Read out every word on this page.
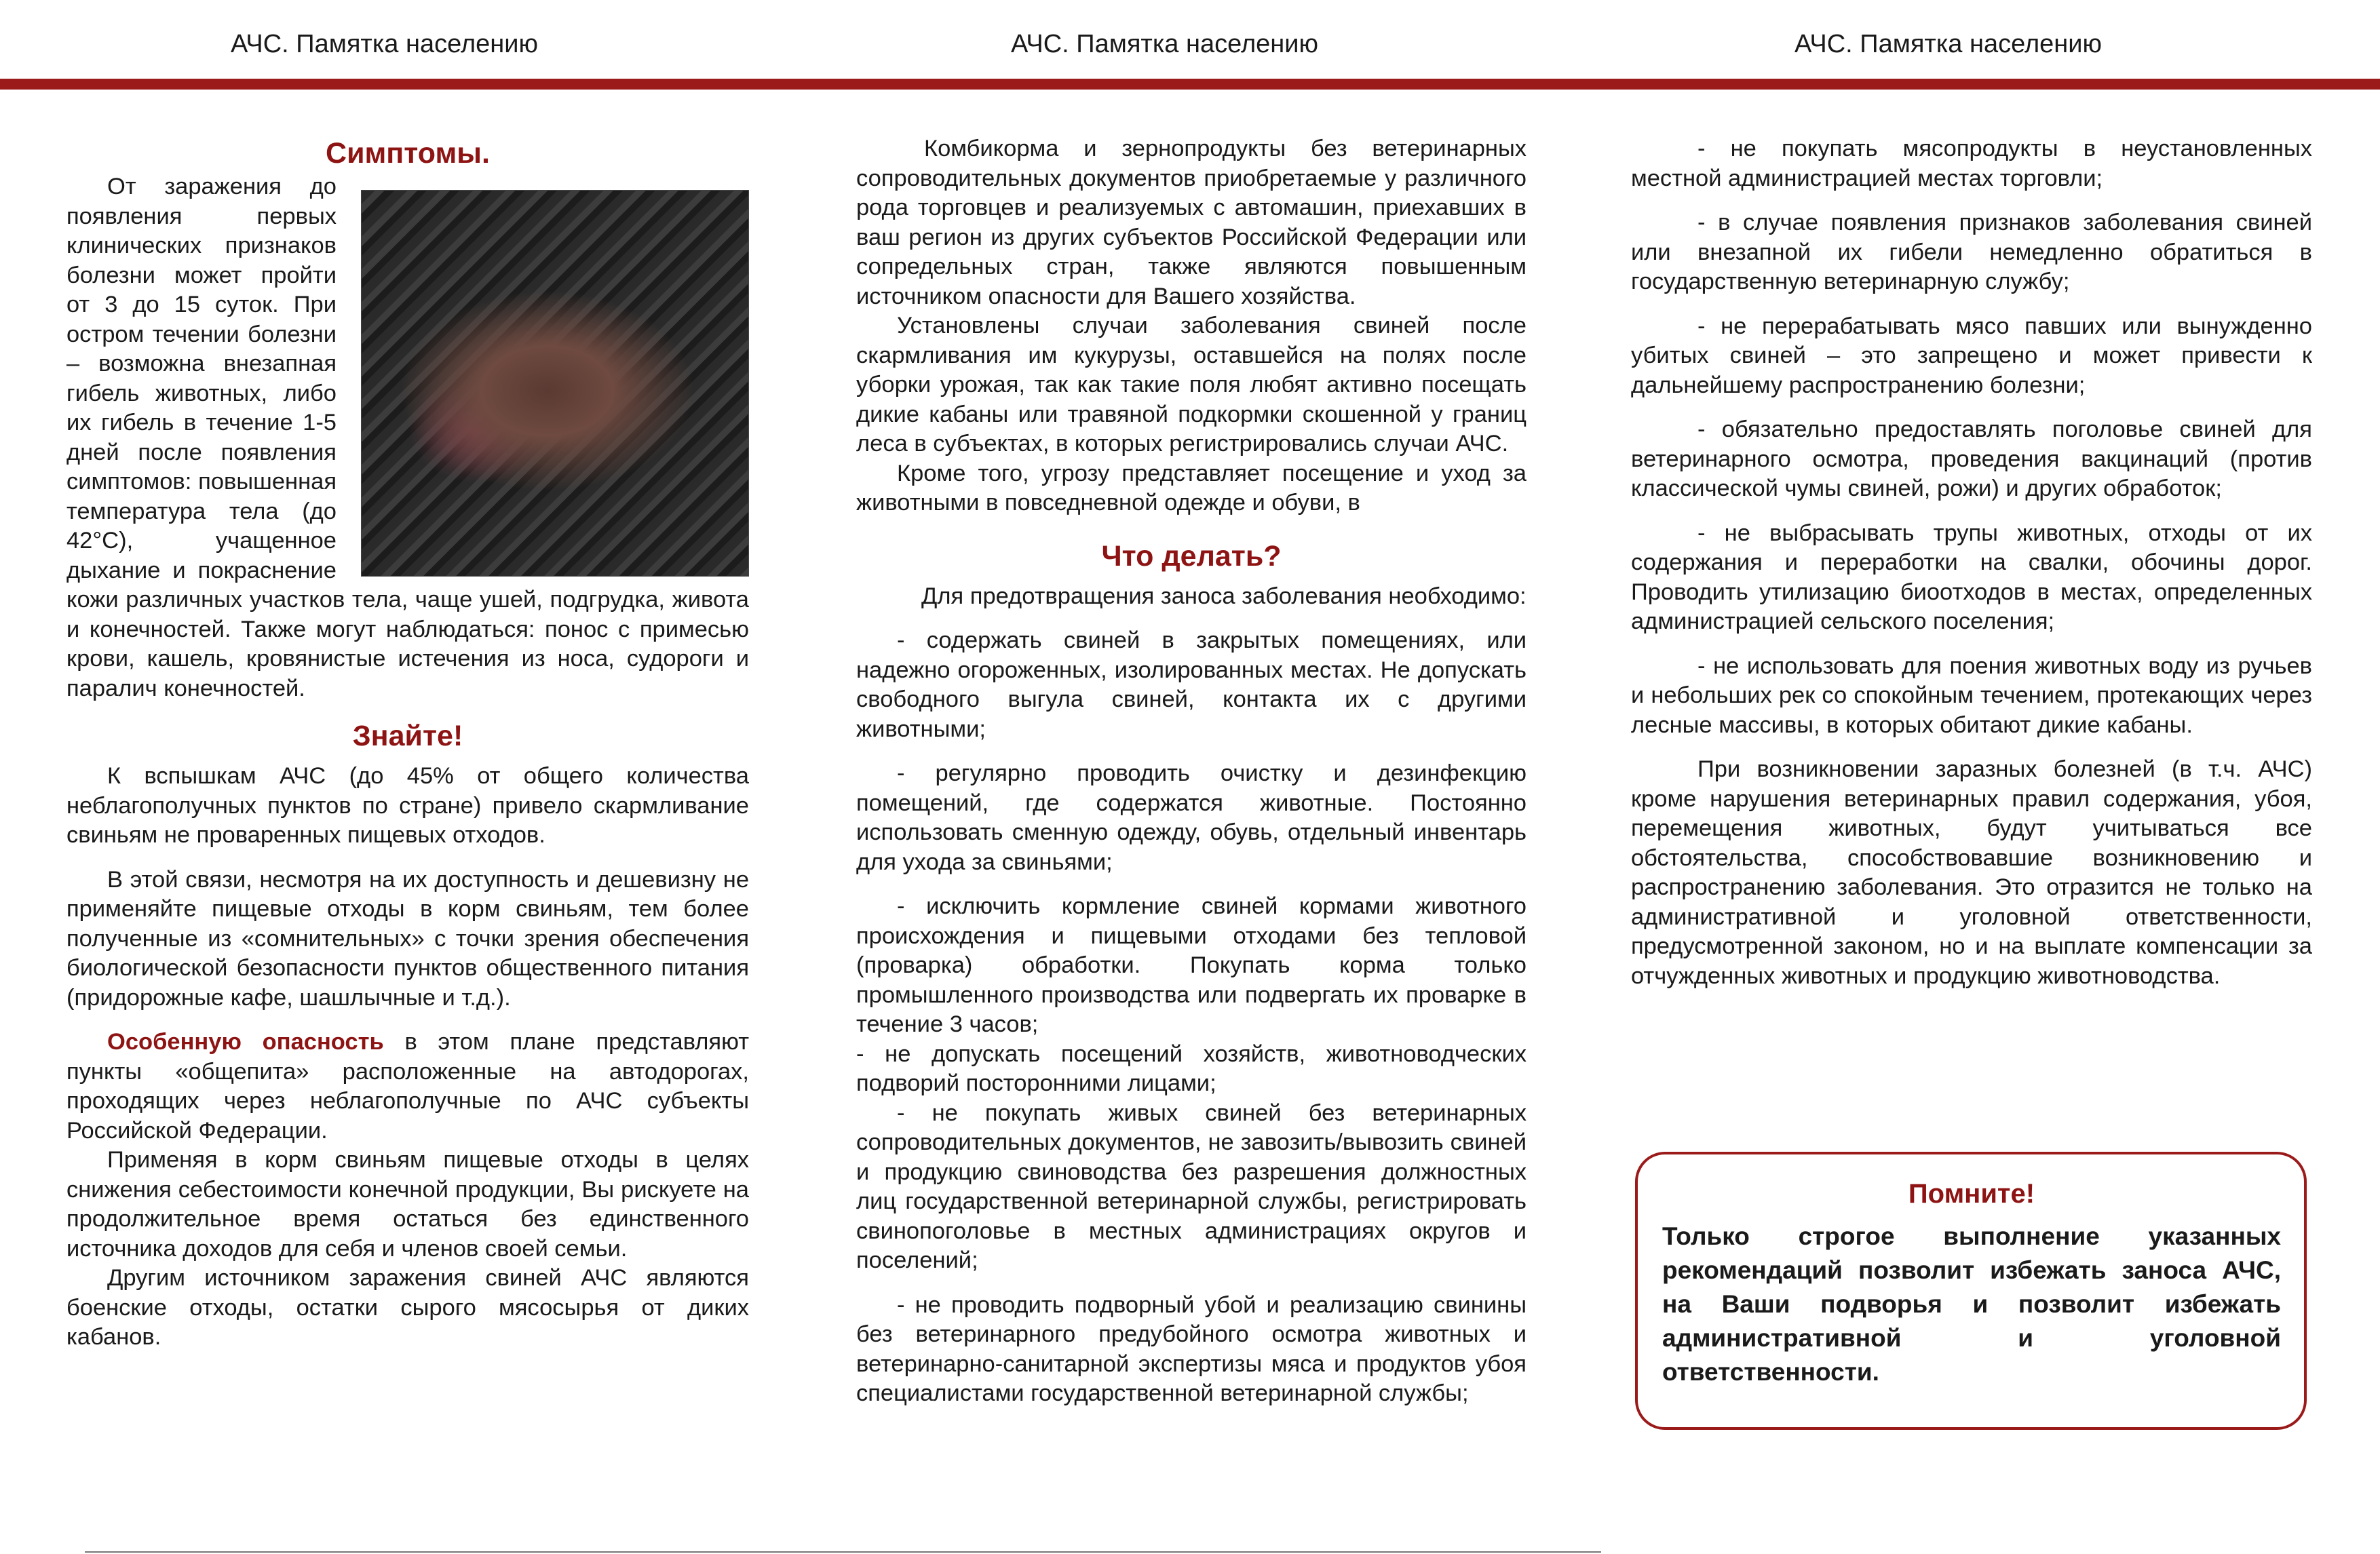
АЧС. Памятка населению	АЧС. Памятка населению	АЧС. Памятка населению
Симптомы.

От заражения до появления первых клинических признаков болезни может пройти от 3 до 15 суток. При остром течении болезни – возможна внезапная гибель животных, либо их гибель в течение 1-5 дней после появления симптомов: повышенная температура тела (до 42°C), учащенное дыхание и покраснение кожи различных участков тела, чаще ушей, подгрудка, живота и конечностей. Также могут наблюдаться: понос с примесью крови, кашель, кровянистые истечения из носа, судороги и паралич конечностей.

Знайте!

К вспышкам АЧС (до 45% от общего количества неблагополучных пунктов по стране) привело скармливание свиньям не проваренных пищевых отходов.

В этой связи, несмотря на их доступность и дешевизну не применяйте пищевые отходы в корм свиньям, тем более полученные из «сомнительных» с точки зрения обеспечения биологической безопасности пунктов общественного питания (придорожные кафе, шашлычные и т.д.).

Особенную опасность в этом плане представляют пункты «общепита» расположенные на автодорогах, проходящих через неблагополучные по АЧС субъекты Российской Федерации.

Применяя в корм свиньям пищевые отходы в целях снижения себестоимости конечной продукции, Вы рискуете на продолжительное время остаться без единственного источника доходов для себя и членов своей семьи.

Другим источником заражения свиней АЧС являются боенские отходы, остатки сырого мясосырья от диких кабанов.

Комбикорма и зернопродукты без ветеринарных сопроводительных документов приобретаемые у различного рода торговцев и реализуемых с автомашин, приехавших в ваш регион из других субъектов Российской Федерации или сопредельных стран, также являются повышенным источником опасности для Вашего хозяйства.

Установлены случаи заболевания свиней после скармливания им кукурузы, оставшейся на полях после уборки урожая, так как такие поля любят активно посещать дикие кабаны или травяной подкормки скошенной у границ леса в субъектах, в которых регистрировались случаи АЧС.

Кроме того, угрозу представляет посещение и уход за животными в повседневной одежде и обуви, в

Что делать?

Для предотвращения заноса заболевания необходимо:

- содержать свиней в закрытых помещениях, или надежно огороженных, изолированных местах. Не допускать свободного выгула свиней, контакта их с другими животными;

- регулярно проводить очистку и дезинфекцию помещений, где содержатся животные. Постоянно использовать сменную одежду, обувь, отдельный инвентарь для ухода за свиньями;

- исключить кормление свиней кормами животного происхождения и пищевыми отходами без тепловой (проварка) обработки. Покупать корма только промышленного производства или подвергать их проварке в течение 3 часов;

- не допускать посещений хозяйств, животноводческих подворий посторонними лицами;

- не покупать живых свиней без ветеринарных сопроводительных документов, не завозить/вывозить свиней и продукцию свиноводства без разрешения должностных лиц государственной ветеринарной службы, регистрировать свинопоголовье в местных администрациях округов и поселений;

- не проводить подворный убой и реализацию свинины без ветеринарного предубойного осмотра животных и ветеринарно-санитарной экспертизы мяса и продуктов убоя специалистами государственной ветеринарной службы;

- не покупать мясопродукты в неустановленных местной администрацией местах торговли;

- в случае появления признаков заболевания свиней или внезапной их гибели немедленно обратиться в государственную ветеринарную службу;

- не перерабатывать мясо павших или вынужденно убитых свиней – это запрещено и может привести к дальнейшему распространению болезни;

- обязательно предоставлять поголовье свиней для ветеринарного осмотра, проведения вакцинаций (против классической чумы свиней, рожи) и других обработок;

- не выбрасывать трупы животных, отходы от их содержания и переработки на свалки, обочины дорог. Проводить утилизацию биоотходов в местах, определенных администрацией сельского поселения;

- не использовать для поения животных воду из ручьев и небольших рек со спокойным течением, протекающих через лесные массивы, в которых обитают дикие кабаны.

При возникновении заразных болезней (в т.ч. АЧС) кроме нарушения ветеринарных правил содержания, убоя, перемещения животных, будут учитываться все обстоятельства, способствовавшие возникновению и распространению заболевания. Это отразится не только на административной и уголовной ответственности, предусмотренной законом, но и на выплате компенсации за отчужденных животных и продукцию животноводства.

Помните!
Только строгое выполнение указанных рекомендаций позволит избежать заноса АЧС, на Ваши подворья и позволит избежать административной и уголовной ответственности.
